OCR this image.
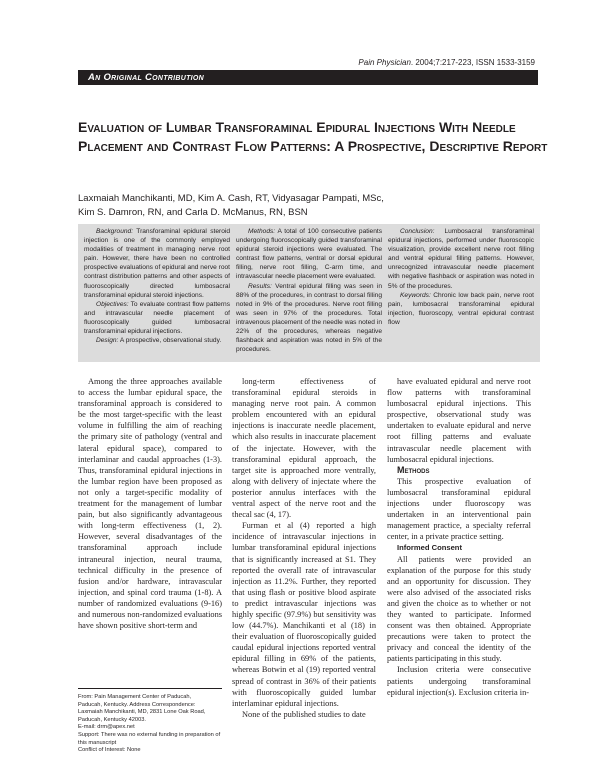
Pain Physician. 2004;7:217-223, ISSN 1533-3159
An Original Contribution
Evaluation of Lumbar Transforaminal Epidural Injections With Needle Placement and Contrast Flow Patterns: A Prospective, Descriptive Report
Laxmaiah Manchikanti, MD, Kim A. Cash, RT, Vidyasagar Pampati, MSc,
Kim S. Damron, RN, and Carla D. McManus, RN, BSN

Background: Transforaminal epidural steroid injection is one of the commonly employed modalities of treatment in managing nerve root pain. However, there have been no controlled prospective evaluations of epidural and nerve root contrast distribution patterns and other aspects of fluoroscopically directed lumbosacral transforaminal epidural steroid injections.

Objectives: To evaluate contrast flow patterns and intravascular needle placement of fluoroscopically guided lumbosacral transforaminal epidural injections.

Design: A prospective, observational study.

Methods: A total of 100 consecutive patients undergoing fluoroscopically guided transforaminal epidural steroid injections were evaluated. The contrast flow patterns, ventral or dorsal epidural filling, nerve root filling, C-arm time, and intravascular needle placement were evaluated.

Results: Ventral epidural filling was seen in 88% of the procedures, in contrast to dorsal filling noted in 9% of the procedures. Nerve root filling was seen in 97% of the procedures. Total intravenous placement of the needle was noted in 22% of the procedures, whereas negative flashback and aspiration was noted in 5% of the procedures.

Conclusion: Lumbosacral transforaminal epidural injections, performed under fluoroscopic visualization, provide excellent nerve root filling and ventral epidural filling patterns. However, unrecognized intravascular needle placement with negative flashback or aspiration was noted in 5% of the procedures.

Keywords: Chronic low back pain, nerve root pain, lumbosacral transforaminal epidural injection, fluoroscopy, ventral epidural contrast flow

Among the three approaches available to access the lumbar epidural space, the transforaminal approach is considered to be the most target-specific with the least volume in fulfilling the aim of reaching the primary site of pathology (ventral and lateral epidural space), compared to interlaminar and caudal approaches (1-3). Thus, transforaminal epidural injections in the lumbar region have been proposed as not only a target-specific modality of treatment for the management of lumbar pain, but also significantly advantageous with long-term effectiveness (1, 2). However, several disadvantages of the transforaminal approach include intraneural injection, neural trauma, technical difficulty in the presence of fusion and/or hardware, intravascular injection, and spinal cord trauma (1-8). A number of randomized evaluations (9-16) and numerous non-randomized evaluations have shown positive short-term and

long-term effectiveness of transforaminal epidural steroids in managing nerve root pain. A common problem encountered with an epidural injections is inaccurate needle placement, which also results in inaccurate placement of the injectate. However, with the transforaminal epidural approach, the target site is approached more ventrally, along with delivery of injectate where the posterior annulus interfaces with the ventral aspect of the nerve root and the thecal sac (4, 17).

Furman et al (4) reported a high incidence of intravascular injections in lumbar transforaminal epidural injections that is significantly increased at S1. They reported the overall rate of intravascular injection as 11.2%. Further, they reported that using flash or positive blood aspirate to predict intravascular injections was highly specific (97.9%) but sensitivity was low (44.7%). Manchikanti et al (18) in their evaluation of fluoroscopically guided caudal epidural injections reported ventral epidural filling in 69% of the patients, whereas Botwin et al (19) reported ventral spread of contrast in 36% of their patients with fluoroscopically guided lumbar interlaminar epidural injections.

None of the published studies to date

have evaluated epidural and nerve root flow patterns with transforaminal lumbosacral epidural injections. This prospective, observational study was undertaken to evaluate epidural and nerve root filling patterns and evaluate intravascular needle placement with lumbosacral epidural injections.

Methods

This prospective evaluation of lumbosacral transforaminal epidural injections under fluoroscopy was undertaken in an interventional pain management practice, a specialty referral center, in a private practice setting.

Informed Consent

All patients were provided an explanation of the purpose for this study and an opportunity for discussion. They were also advised of the associated risks and given the choice as to whether or not they wanted to participate. Informed consent was then obtained. Appropriate precautions were taken to protect the privacy and conceal the identity of the patients participating in this study.

Inclusion criteria were consecutive patients undergoing transforaminal epidural injection(s). Exclusion criteria in-

From: Pain Management Center of Paducah,
Paducah, Kentucky. Address Correspondence:
Laxmaiah Manchikanti, MD, 2831 Lone Oak Road,
Paducah, Kentucky 42003.
E-mail: drm@apex.net
Support: There was no external funding in preparation of this manuscript
Conflict of Interest: None
